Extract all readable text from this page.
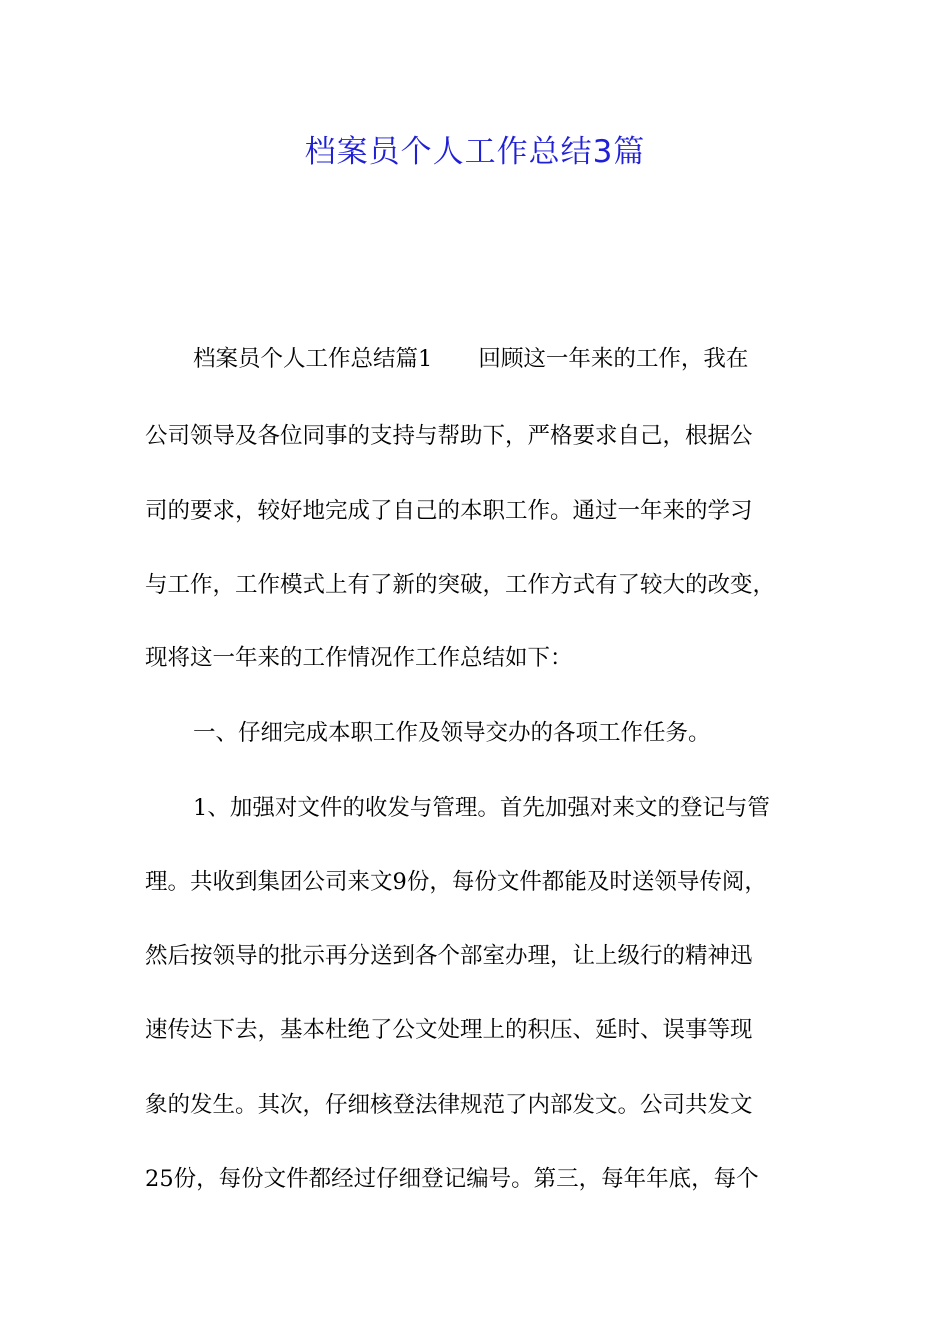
档案员个人工作总结3篇

档案员个人工作总结篇1 回顾这一年来的工作，我在

公司领导及各位同事的支持与帮助下，严格要求自己，根据公

司的要求，较好地完成了自己的本职工作。通过一年来的学习

与工作，工作模式上有了新的突破，工作方式有了较大的改变，

现将这一年来的工作情况作工作总结如下：

一、仔细完成本职工作及领导交办的各项工作任务。

1、加强对文件的收发与管理。首先加强对来文的登记与管

理。共收到集团公司来文9份，每份文件都能及时送领导传阅，

然后按领导的批示再分送到各个部室办理，让上级行的精神迅

速传达下去，基本杜绝了公文处理上的积压、延时、误事等现

象的发生。其次，仔细核登法律规范了内部发文。公司共发文

25份，每份文件都经过仔细登记编号。第三，每年年底，每个
